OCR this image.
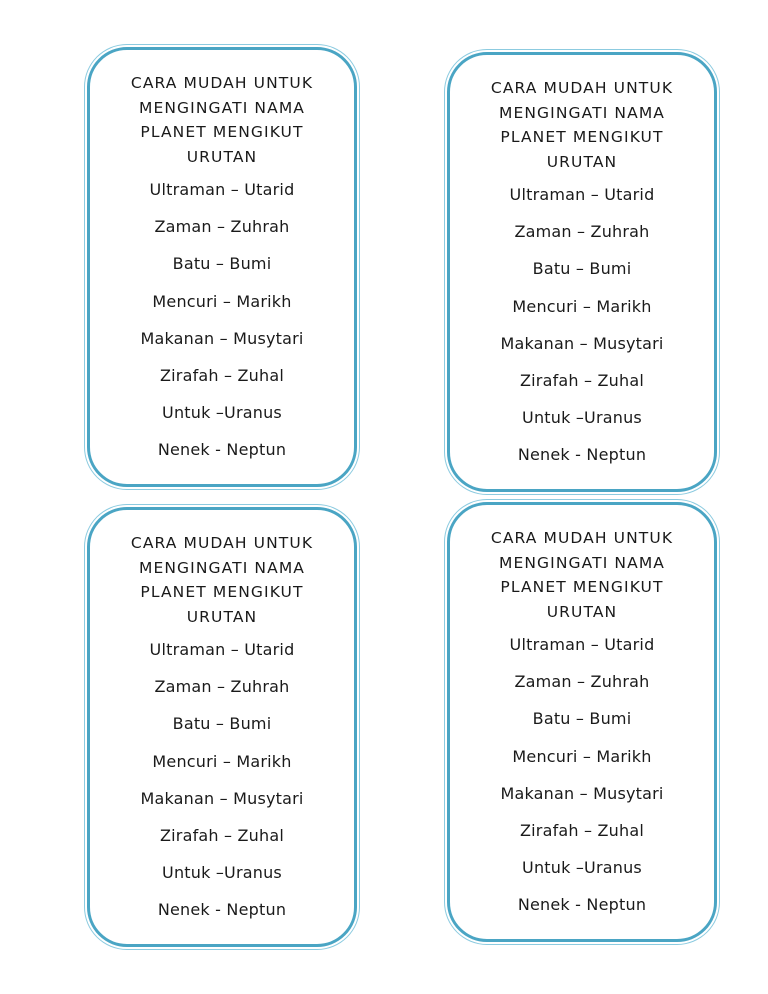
CARA MUDAH UNTUK
MENGINGATI NAMA
PLANET MENGIKUT
URUTAN
Ultraman – Utarid
Zaman – Zuhrah
Batu – Bumi
Mencuri – Marikh
Makanan – Musytari
Zirafah – Zuhal
Untuk –Uranus
Nenek - Neptun
CARA MUDAH UNTUK
MENGINGATI NAMA
PLANET MENGIKUT
URUTAN
Ultraman – Utarid
Zaman – Zuhrah
Batu – Bumi
Mencuri – Marikh
Makanan – Musytari
Zirafah – Zuhal
Untuk –Uranus
Nenek - Neptun
CARA MUDAH UNTUK
MENGINGATI NAMA
PLANET MENGIKUT
URUTAN
Ultraman – Utarid
Zaman – Zuhrah
Batu – Bumi
Mencuri – Marikh
Makanan – Musytari
Zirafah – Zuhal
Untuk –Uranus
Nenek - Neptun
CARA MUDAH UNTUK
MENGINGATI NAMA
PLANET MENGIKUT
URUTAN
Ultraman – Utarid
Zaman – Zuhrah
Batu – Bumi
Mencuri – Marikh
Makanan – Musytari
Zirafah – Zuhal
Untuk –Uranus
Nenek - Neptun
